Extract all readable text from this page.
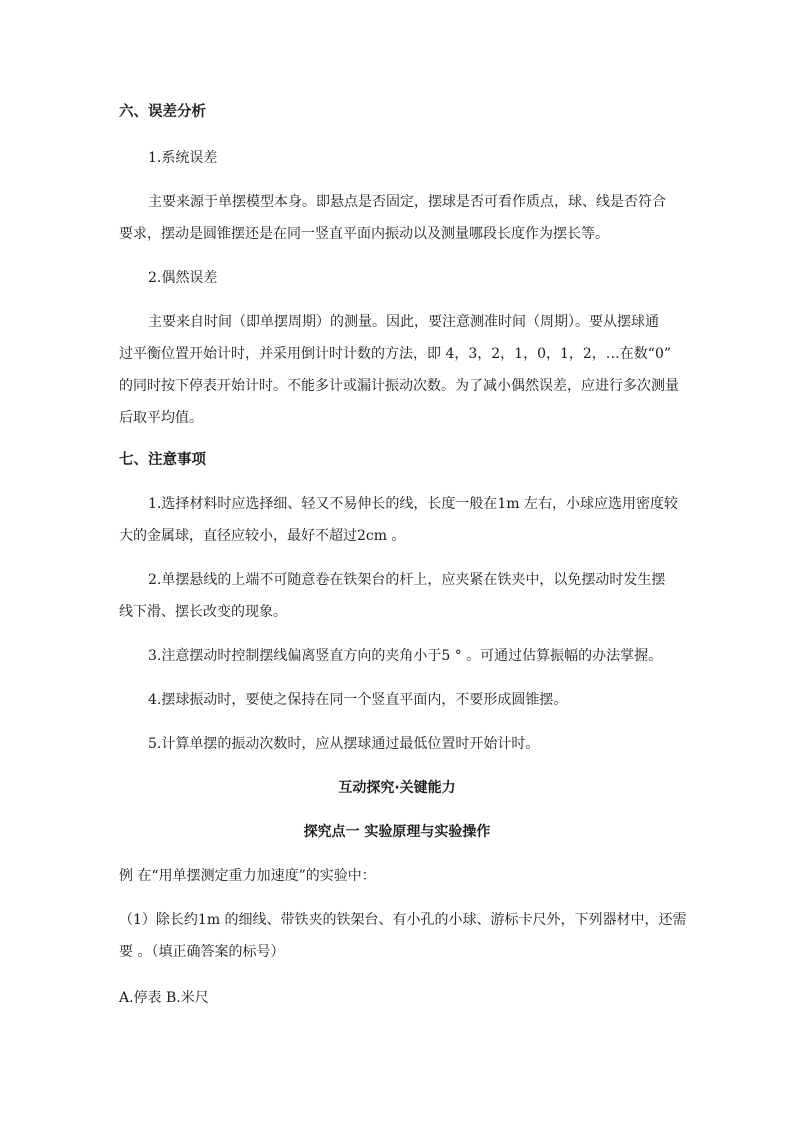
六、误差分析
1.系统误差
主要来源于单摆模型本身。即悬点是否固定，摆球是否可看作质点，球、线是否符合
要求，摆动是圆锥摆还是在同一竖直平面内振动以及测量哪段长度作为摆长等。
2.偶然误差
主要来自时间（即单摆周期）的测量。因此，要注意测准时间（周期）。要从摆球通
过平衡位置开始计时，并采用倒计时计数的方法，即 4，3，2，1，0，1，2，…在数“0”
的同时按下停表开始计时。不能多计或漏计振动次数。为了减小偶然误差，应进行多次测量
后取平均值。
七、注意事项
1.选择材料时应选择细、轻又不易伸长的线，长度一般在1m 左右，小球应选用密度较
大的金属球，直径应较小，最好不超过2cm 。
2.单摆悬线的上端不可随意卷在铁架台的杆上，应夹紧在铁夹中，以免摆动时发生摆
线下滑、摆长改变的现象。
3.注意摆动时控制摆线偏离竖直方向的夹角小于5 ° 。可通过估算振幅的办法掌握。
4.摆球振动时，要使之保持在同一个竖直平面内，不要形成圆锥摆。
5.计算单摆的振动次数时，应从摆球通过最低位置时开始计时。
互动探究·关键能力
探究点一 实验原理与实验操作
例 在“用单摆测定重力加速度”的实验中：
（1）除长约1m 的细线、带铁夹的铁架台、有小孔的小球、游标卡尺外，下列器材中，还需
要 。（填正确答案的标号）
A.停表 B.米尺
